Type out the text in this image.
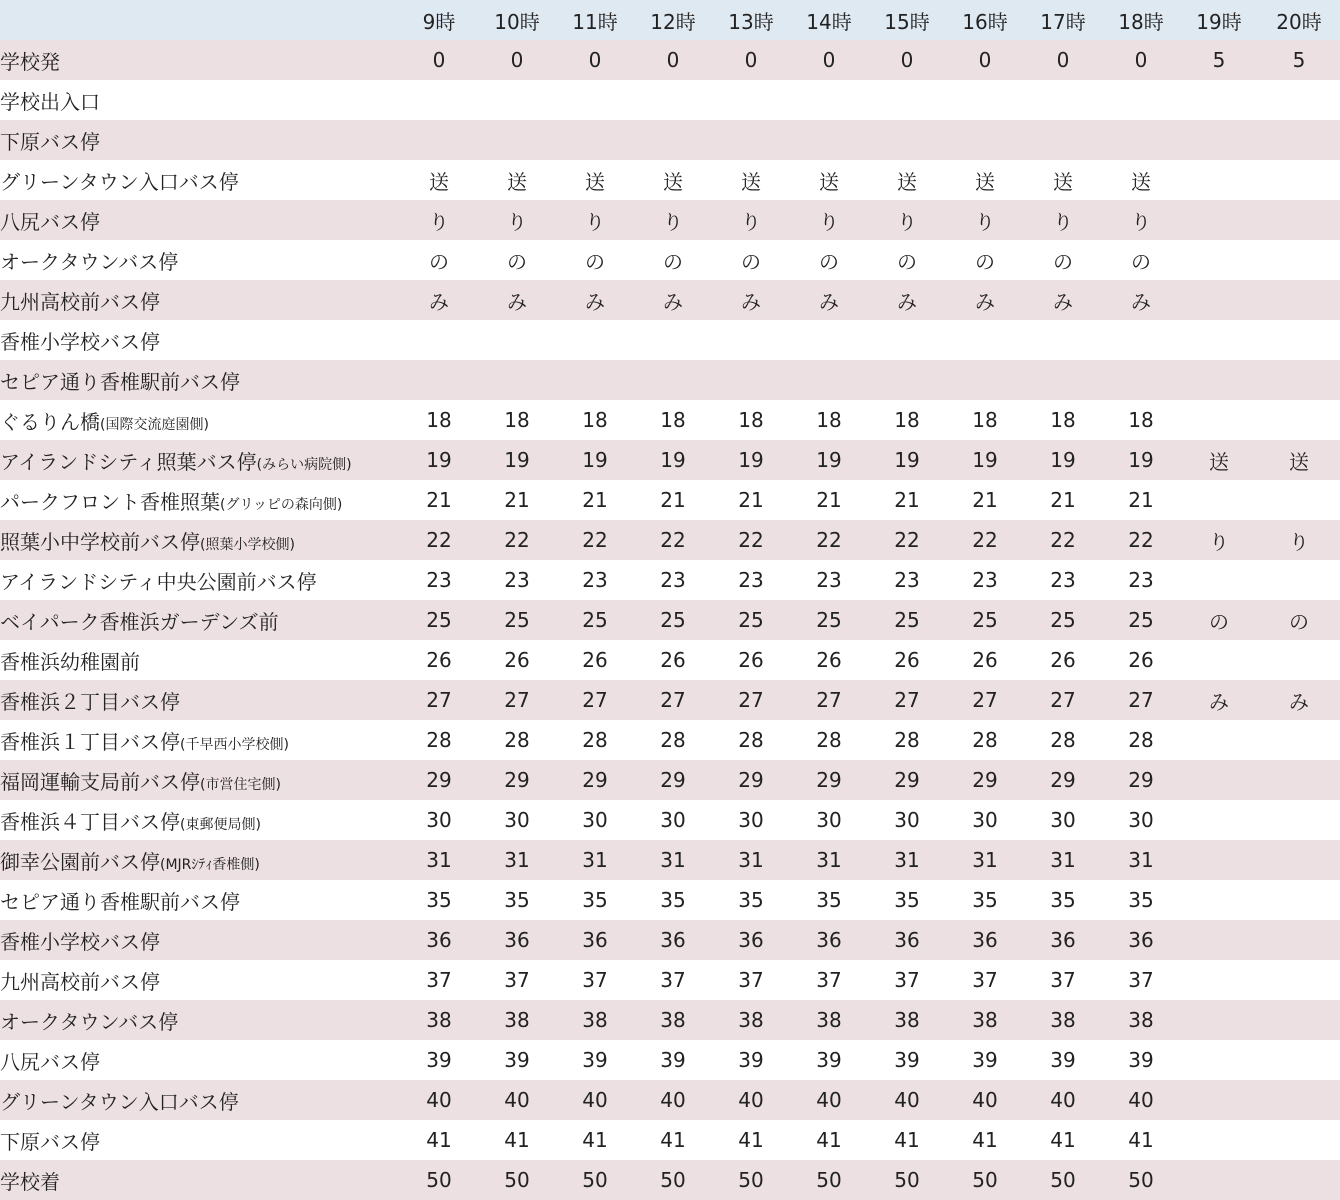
	9時	10時	11時	12時	13時	14時	15時	16時	17時	18時	19時	20時
学校発	0	0	0	0	0	0	0	0	0	0	5	5
学校出入口												
下原バス停												
グリーンタウン入口バス停	送	送	送	送	送	送	送	送	送	送		
八尻バス停	り	り	り	り	り	り	り	り	り	り		
オークタウンバス停	の	の	の	の	の	の	の	の	の	の		
九州高校前バス停	み	み	み	み	み	み	み	み	み	み		
香椎小学校バス停												
セピア通り香椎駅前バス停												
ぐるりん橋(国際交流庭園側)	18	18	18	18	18	18	18	18	18	18		
アイランドシティ照葉バス停(みらい病院側)	19	19	19	19	19	19	19	19	19	19	送	送
パークフロント香椎照葉(グリッピの森向側)	21	21	21	21	21	21	21	21	21	21		
照葉小中学校前バス停(照葉小学校側)	22	22	22	22	22	22	22	22	22	22	り	り
アイランドシティ中央公園前バス停	23	23	23	23	23	23	23	23	23	23		
ベイパーク香椎浜ガーデンズ前	25	25	25	25	25	25	25	25	25	25	の	の
香椎浜幼稚園前	26	26	26	26	26	26	26	26	26	26		
香椎浜２丁目バス停	27	27	27	27	27	27	27	27	27	27	み	み
香椎浜１丁目バス停(千早西小学校側)	28	28	28	28	28	28	28	28	28	28		
福岡運輸支局前バス停(市営住宅側)	29	29	29	29	29	29	29	29	29	29		
香椎浜４丁目バス停(東郵便局側)	30	30	30	30	30	30	30	30	30	30		
御幸公園前バス停(MJRｼﾃｨ香椎側)	31	31	31	31	31	31	31	31	31	31		
セピア通り香椎駅前バス停	35	35	35	35	35	35	35	35	35	35		
香椎小学校バス停	36	36	36	36	36	36	36	36	36	36		
九州高校前バス停	37	37	37	37	37	37	37	37	37	37		
オークタウンバス停	38	38	38	38	38	38	38	38	38	38		
八尻バス停	39	39	39	39	39	39	39	39	39	39		
グリーンタウン入口バス停	40	40	40	40	40	40	40	40	40	40		
下原バス停	41	41	41	41	41	41	41	41	41	41		
学校着	50	50	50	50	50	50	50	50	50	50		
